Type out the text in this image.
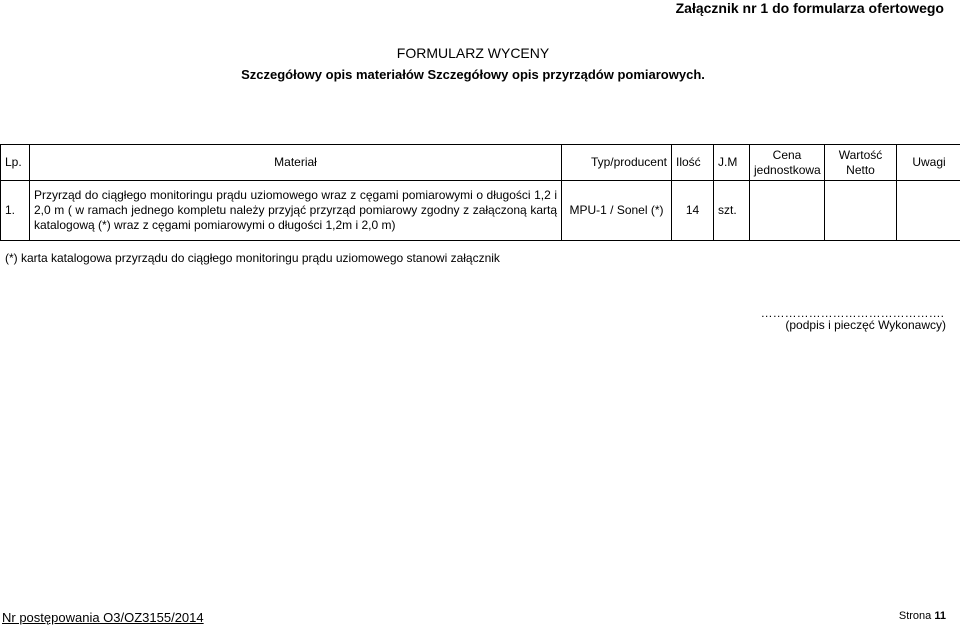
Załącznik nr 1 do formularza ofertowego
FORMULARZ WYCENY
Szczegółowy opis materiałów Szczegółowy opis przyrządów pomiarowych.
Lp.	Materiał	Typ/producent	Ilość	J.M	Cena jednostkowa	Wartość Netto	Uwagi
1.	Przyrząd do ciągłego monitoringu prądu uziomowego wraz z cęgami pomiarowymi o długości 1,2 i 2,0 m ( w ramach jednego kompletu należy przyjąć przyrząd pomiarowy zgodny z załączoną kartą katalogową (*) wraz z cęgami pomiarowymi o długości 1,2m i 2,0 m)	MPU-1 / Sonel (*)	14	szt.			
(*) karta katalogowa przyrządu do ciągłego monitoringu prądu uziomowego stanowi załącznik
……………………………………….
(podpis i pieczęć Wykonawcy)
Nr postępowania O3/OZ3155/2014	Strona 11
